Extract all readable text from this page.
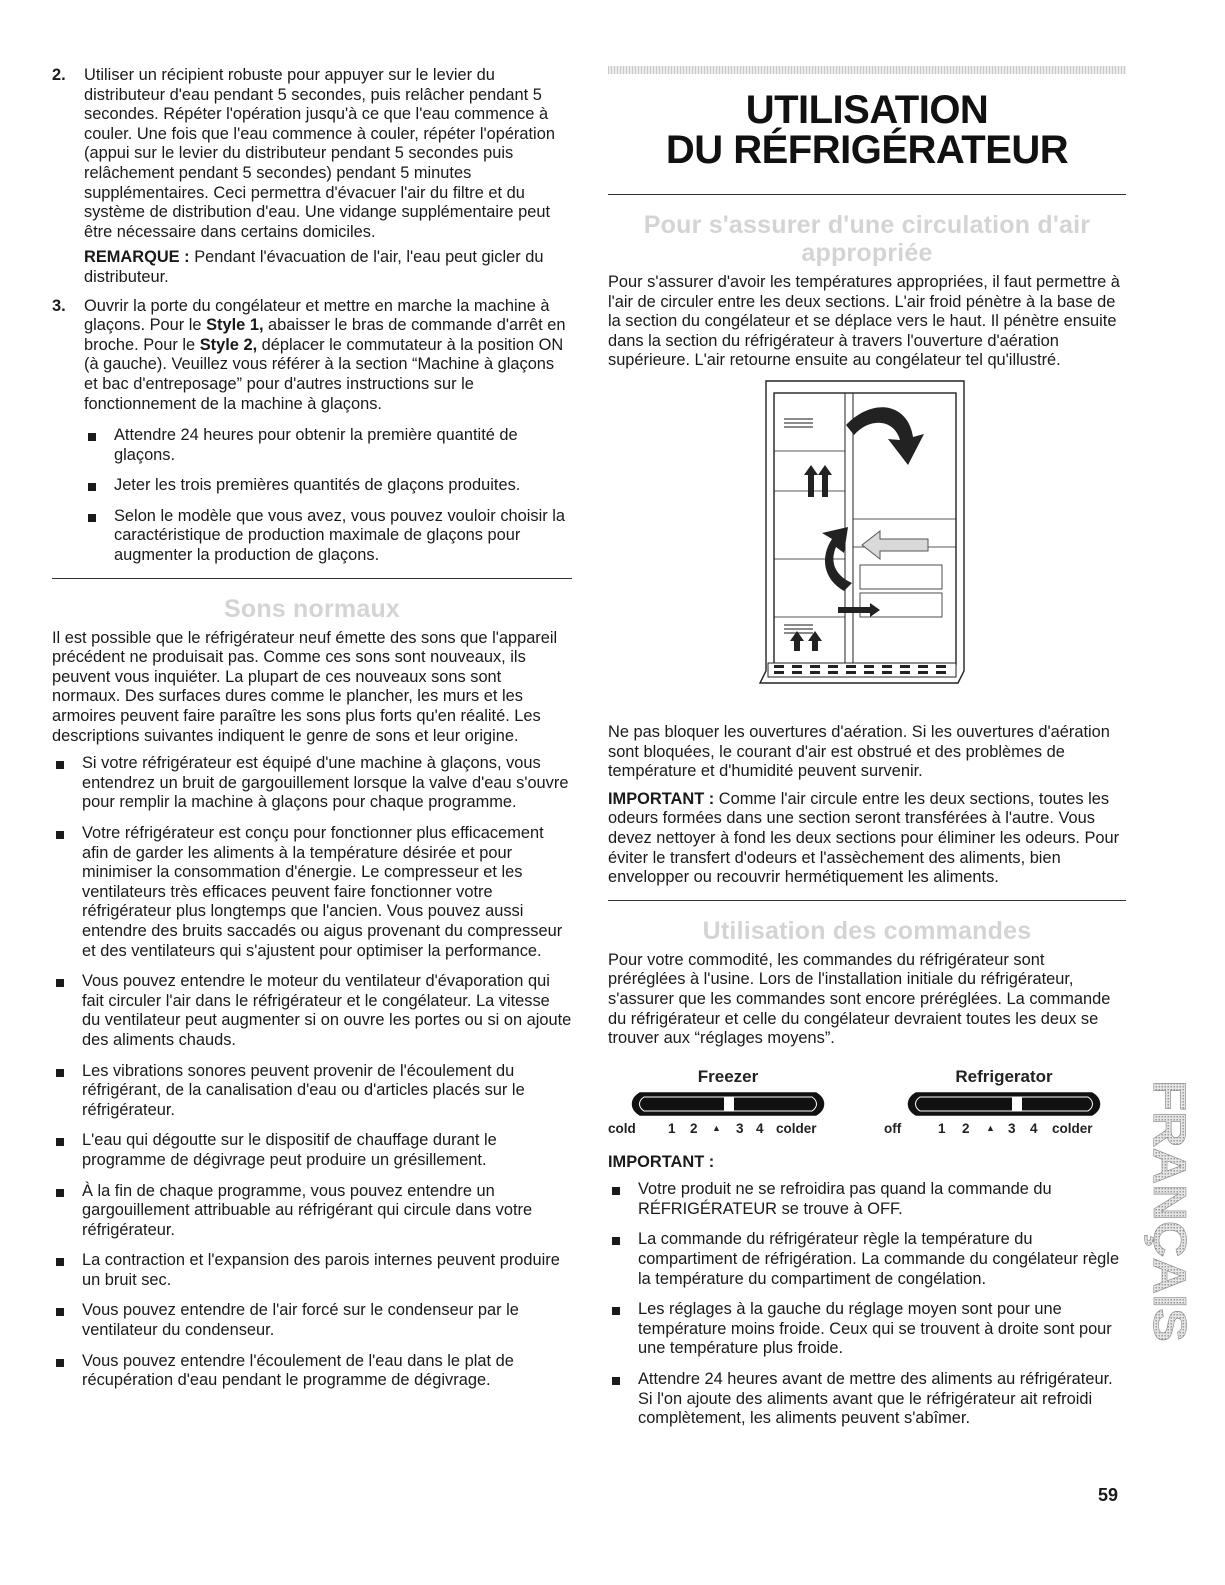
2. Utiliser un récipient robuste pour appuyer sur le levier du distributeur d'eau pendant 5 secondes, puis relâcher pendant 5 secondes. Répéter l'opération jusqu'à ce que l'eau commence à couler. Une fois que l'eau commence à couler, répéter l'opération (appui sur le levier du distributeur pendant 5 secondes puis relâchement pendant 5 secondes) pendant 5 minutes supplémentaires. Ceci permettra d'évacuer l'air du filtre et du système de distribution d'eau. Une vidange supplémentaire peut être nécessaire dans certains domiciles.

REMARQUE : Pendant l'évacuation de l'air, l'eau peut gicler du distributeur.

3. Ouvrir la porte du congélateur et mettre en marche la machine à glaçons. Pour le Style 1, abaisser le bras de commande d'arrêt en broche. Pour le Style 2, déplacer le commutateur à la position ON (à gauche). Veuillez vous référer à la section “Machine à glaçons et bac d'entreposage” pour d'autres instructions sur le fonctionnement de la machine à glaçons.

Attendre 24 heures pour obtenir la première quantité de glaçons.
Jeter les trois premières quantités de glaçons produites.
Selon le modèle que vous avez, vous pouvez vouloir choisir la caractéristique de production maximale de glaçons pour augmenter la production de glaçons.
Sons normaux

Il est possible que le réfrigérateur neuf émette des sons que l'appareil précédent ne produisait pas. Comme ces sons sont nouveaux, ils peuvent vous inquiéter. La plupart de ces nouveaux sons sont normaux. Des surfaces dures comme le plancher, les murs et les armoires peuvent faire paraître les sons plus forts qu'en réalité. Les descriptions suivantes indiquent le genre de sons et leur origine.

Si votre réfrigérateur est équipé d'une machine à glaçons, vous entendrez un bruit de gargouillement lorsque la valve d'eau s'ouvre pour remplir la machine à glaçons pour chaque programme.
Votre réfrigérateur est conçu pour fonctionner plus efficacement afin de garder les aliments à la température désirée et pour minimiser la consommation d'énergie. Le compresseur et les ventilateurs très efficaces peuvent faire fonctionner votre réfrigérateur plus longtemps que l'ancien. Vous pouvez aussi entendre des bruits saccadés ou aigus provenant du compresseur et des ventilateurs qui s'ajustent pour optimiser la performance.
Vous pouvez entendre le moteur du ventilateur d'évaporation qui fait circuler l'air dans le réfrigérateur et le congélateur. La vitesse du ventilateur peut augmenter si on ouvre les portes ou si on ajoute des aliments chauds.
Les vibrations sonores peuvent provenir de l'écoulement du réfrigérant, de la canalisation d'eau ou d'articles placés sur le réfrigérateur.
L'eau qui dégoutte sur le dispositif de chauffage durant le programme de dégivrage peut produire un grésillement.
À la fin de chaque programme, vous pouvez entendre un gargouillement attribuable au réfrigérant qui circule dans votre réfrigérateur.
La contraction et l'expansion des parois internes peuvent produire un bruit sec.
Vous pouvez entendre de l'air forcé sur le condenseur par le ventilateur du condenseur.
Vous pouvez entendre l'écoulement de l'eau dans le plat de récupération d'eau pendant le programme de dégivrage.
UTILISATION
DU RÉFRIGÉRATEUR
Pour s'assurer d'une circulation d'air
appropriée

Pour s'assurer d'avoir les températures appropriées, il faut permettre à l'air de circuler entre les deux sections. L'air froid pénètre à la base de la section du congélateur et se déplace vers le haut. Il pénètre ensuite dans la section du réfrigérateur à travers l'ouverture d'aération supérieure. L'air retourne ensuite au congélateur tel qu'illustré.

Ne pas bloquer les ouvertures d'aération. Si les ouvertures d'aération sont bloquées, le courant d'air est obstrué et des problèmes de température et d'humidité peuvent survenir.

IMPORTANT : Comme l'air circule entre les deux sections, toutes les odeurs formées dans une section seront transférées à l'autre. Vous devez nettoyer à fond les deux sections pour éliminer les odeurs. Pour éviter le transfert d'odeurs et l'assèchement des aliments, bien envelopper ou recouvrir hermétiquement les aliments.

Utilisation des commandes

Pour votre commodité, les commandes du réfrigérateur sont préréglées à l'usine. Lors de l'installation initiale du réfrigérateur, s'assurer que les commandes sont encore préréglées. La commande du réfrigérateur et celle du congélateur devraient toutes les deux se trouver aux “réglages moyens”.

Freezer
cold 1 2 ▲ 3 4 colder
Refrigerator
off	1 2 ▲ 3 4 colder

IMPORTANT :

Votre produit ne se refroidira pas quand la commande du RÉFRIGÉRATEUR se trouve à OFF.
La commande du réfrigérateur règle la température du compartiment de réfrigération. La commande du congélateur règle la température du compartiment de congélation.
Les réglages à la gauche du réglage moyen sont pour une température moins froide. Ceux qui se trouvent à droite sont pour une température plus froide.
Attendre 24 heures avant de mettre des aliments au réfrigérateur. Si l'on ajoute des aliments avant que le réfrigérateur ait refroidi complètement, les aliments peuvent s'abîmer.
FRANÇAIS
59
